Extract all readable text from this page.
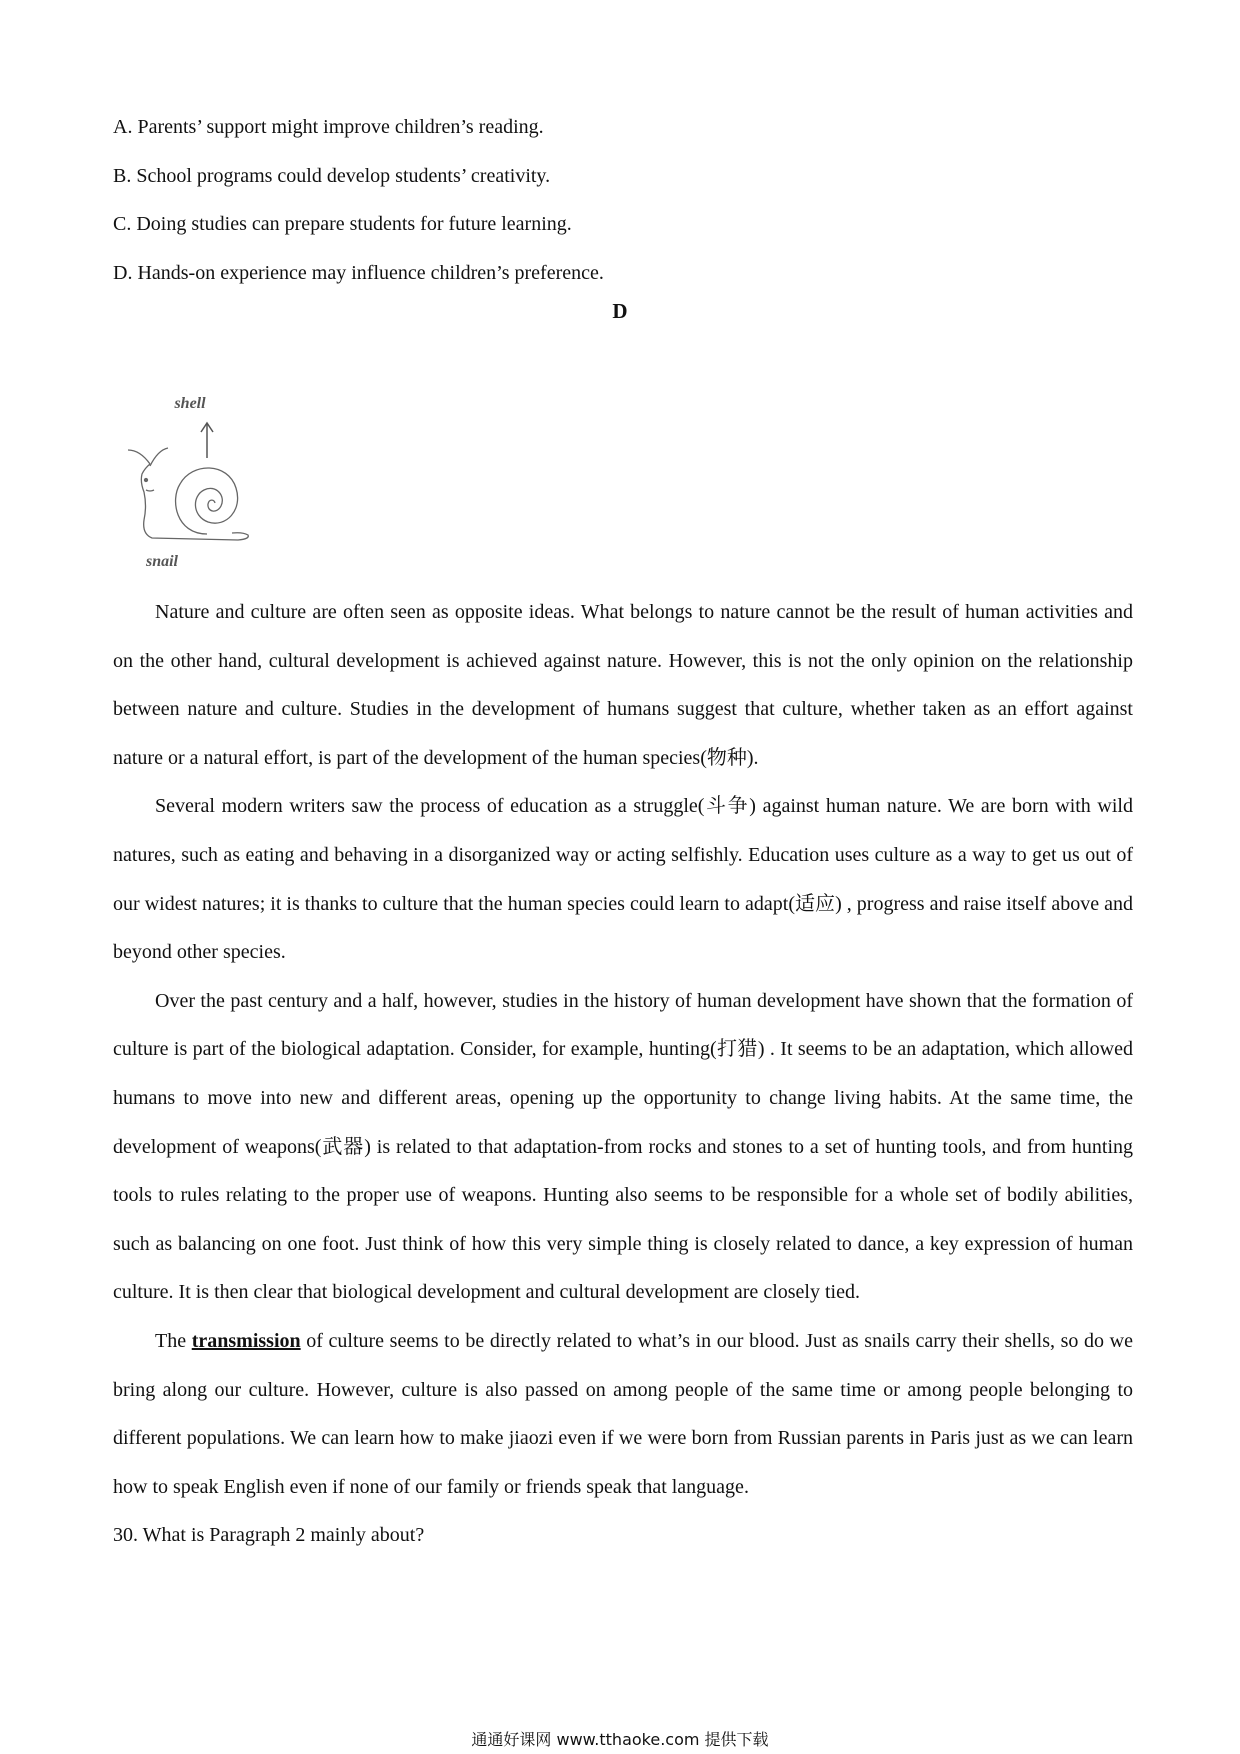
A. Parents’ support might improve children’s reading.
B. School programs could develop students’ creativity.
C. Doing studies can prepare students for future learning.
D. Hands-on experience may influence children’s preference.
D
shell
snail

Nature and culture are often seen as opposite ideas. What belongs to nature cannot be the result of human activities and on the other hand, cultural development is achieved against nature. However, this is not the only opinion on the relationship between nature and culture. Studies in the development of humans suggest that culture, whether taken as an effort against nature or a natural effort, is part of the development of the human species(物种).

Several modern writers saw the process of education as a struggle(斗争) against human nature. We are born with wild natures, such as eating and behaving in a disorganized way or acting selfishly. Education uses culture as a way to get us out of our widest natures; it is thanks to culture that the human species could learn to adapt(适应) , progress and raise itself above and beyond other species.

Over the past century and a half, however, studies in the history of human development have shown that the formation of culture is part of the biological adaptation. Consider, for example, hunting(打猎) . It seems to be an adaptation, which allowed humans to move into new and different areas, opening up the opportunity to change living habits. At the same time, the development of weapons(武器) is related to that adaptation-from rocks and stones to a set of hunting tools, and from hunting tools to rules relating to the proper use of weapons. Hunting also seems to be responsible for a whole set of bodily abilities, such as balancing on one foot. Just think of how this very simple thing is closely related to dance, a key expression of human culture. It is then clear that biological development and cultural development are closely tied.

The transmission of culture seems to be directly related to what’s in our blood. Just as snails carry their shells, so do we bring along our culture. However, culture is also passed on among people of the same time or among people belonging to different populations. We can learn how to make jiaozi even if we were born from Russian parents in Paris just as we can learn how to speak English even if none of our family or friends speak that language.

30. What is Paragraph 2 mainly about?

通通好课网 www.tthaoke.com 提供下载
